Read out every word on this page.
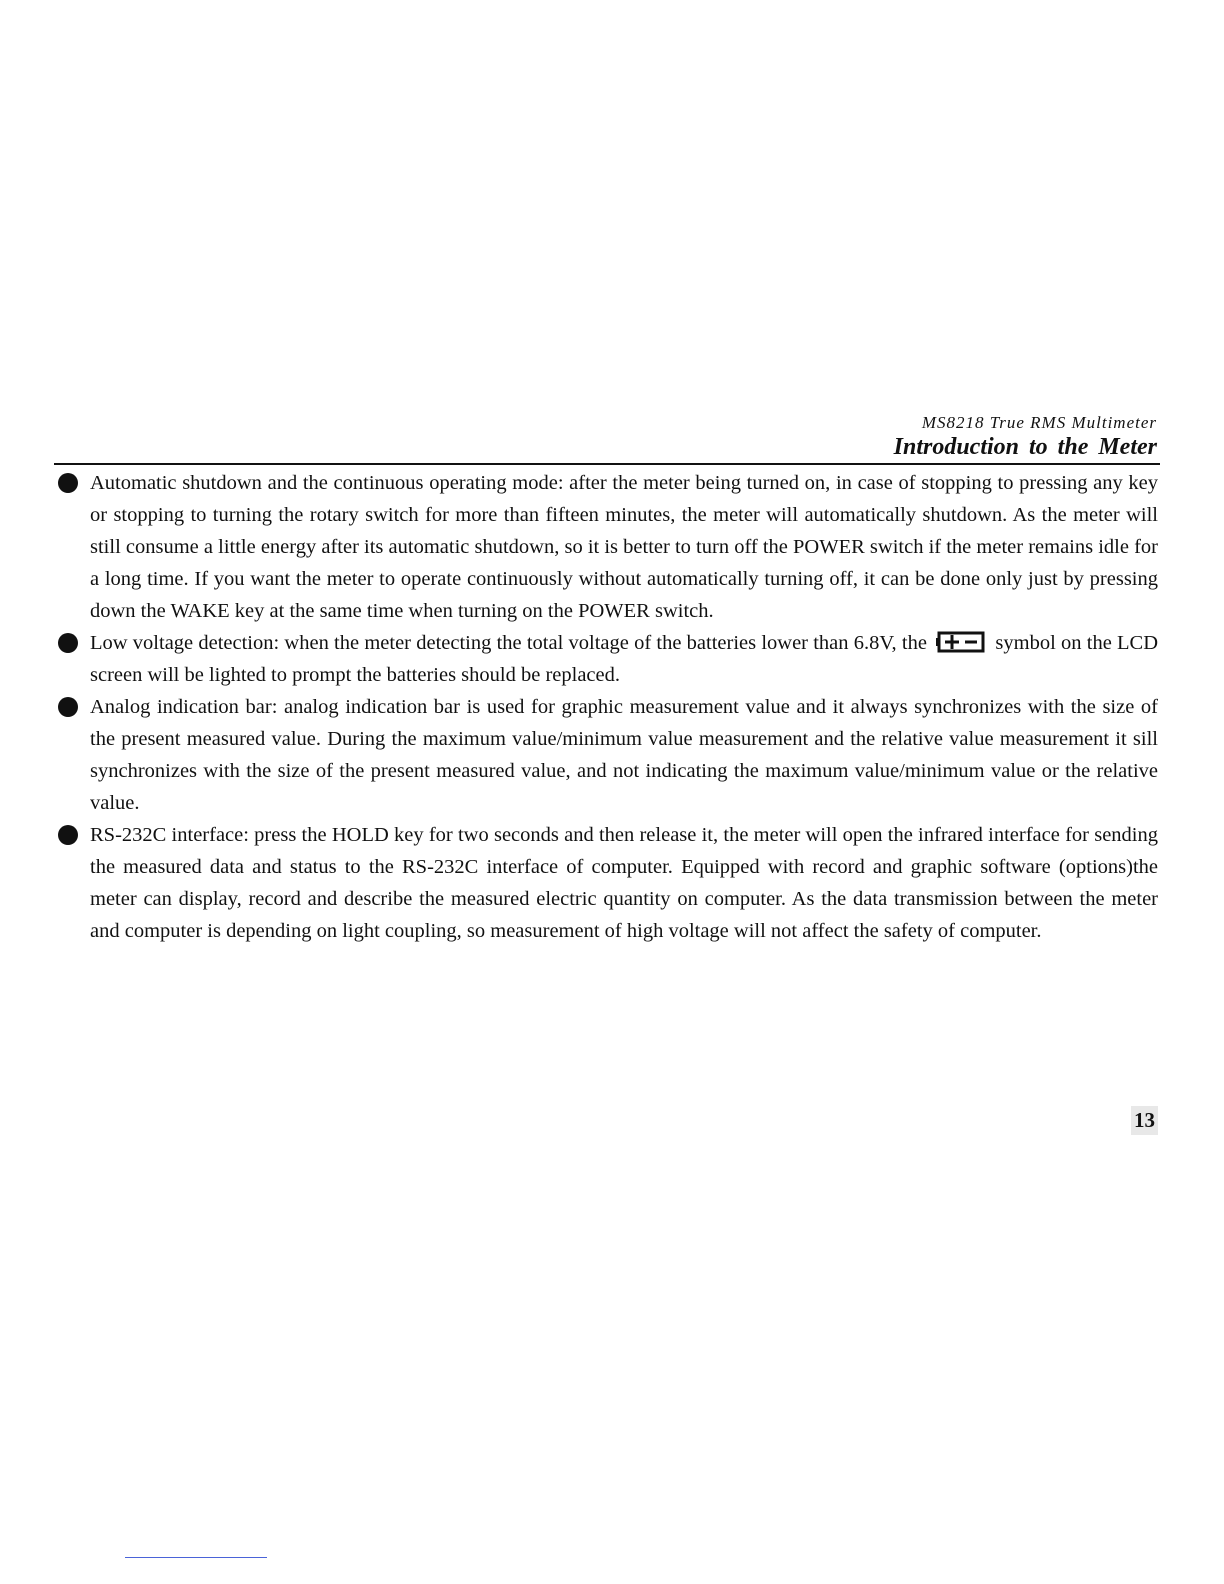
MS8218 True RMS Multimeter
Introduction to the Meter
Automatic shutdown and the continuous operating mode: after the meter being turned on, in case of stopping to pressing any key or stopping to turning the rotary switch for more than fifteen minutes, the meter will automatically shutdown. As the meter will still consume a little energy after its automatic shutdown, so it is better to turn off the POWER switch if the meter remains idle for a long time. If you want the meter to operate continuously without automatically turning off, it can be done only just by pressing down the WAKE key at the same time when turning on the POWER switch.
Low voltage detection: when the meter detecting the total voltage of the batteries lower than 6.8V, the	symbol on the LCD screen will be lighted to prompt the batteries should be replaced.
Analog indication bar: analog indication bar is used for graphic measurement value and it always synchronizes with the size of the present measured value. During the maximum value/minimum value measurement and the relative value measurement it sill synchronizes with the size of the present measured value, and not indicating the maximum value/minimum value or the relative value.
RS-232C interface: press the HOLD key for two seconds and then release it, the meter will open the infrared interface for sending the measured data and status to the RS-232C interface of computer. Equipped with record and graphic software (options)the meter can display, record and describe the measured electric quantity on computer. As the data transmission between the meter and computer is depending on light coupling, so measurement of high voltage will not affect the safety of computer.
13
